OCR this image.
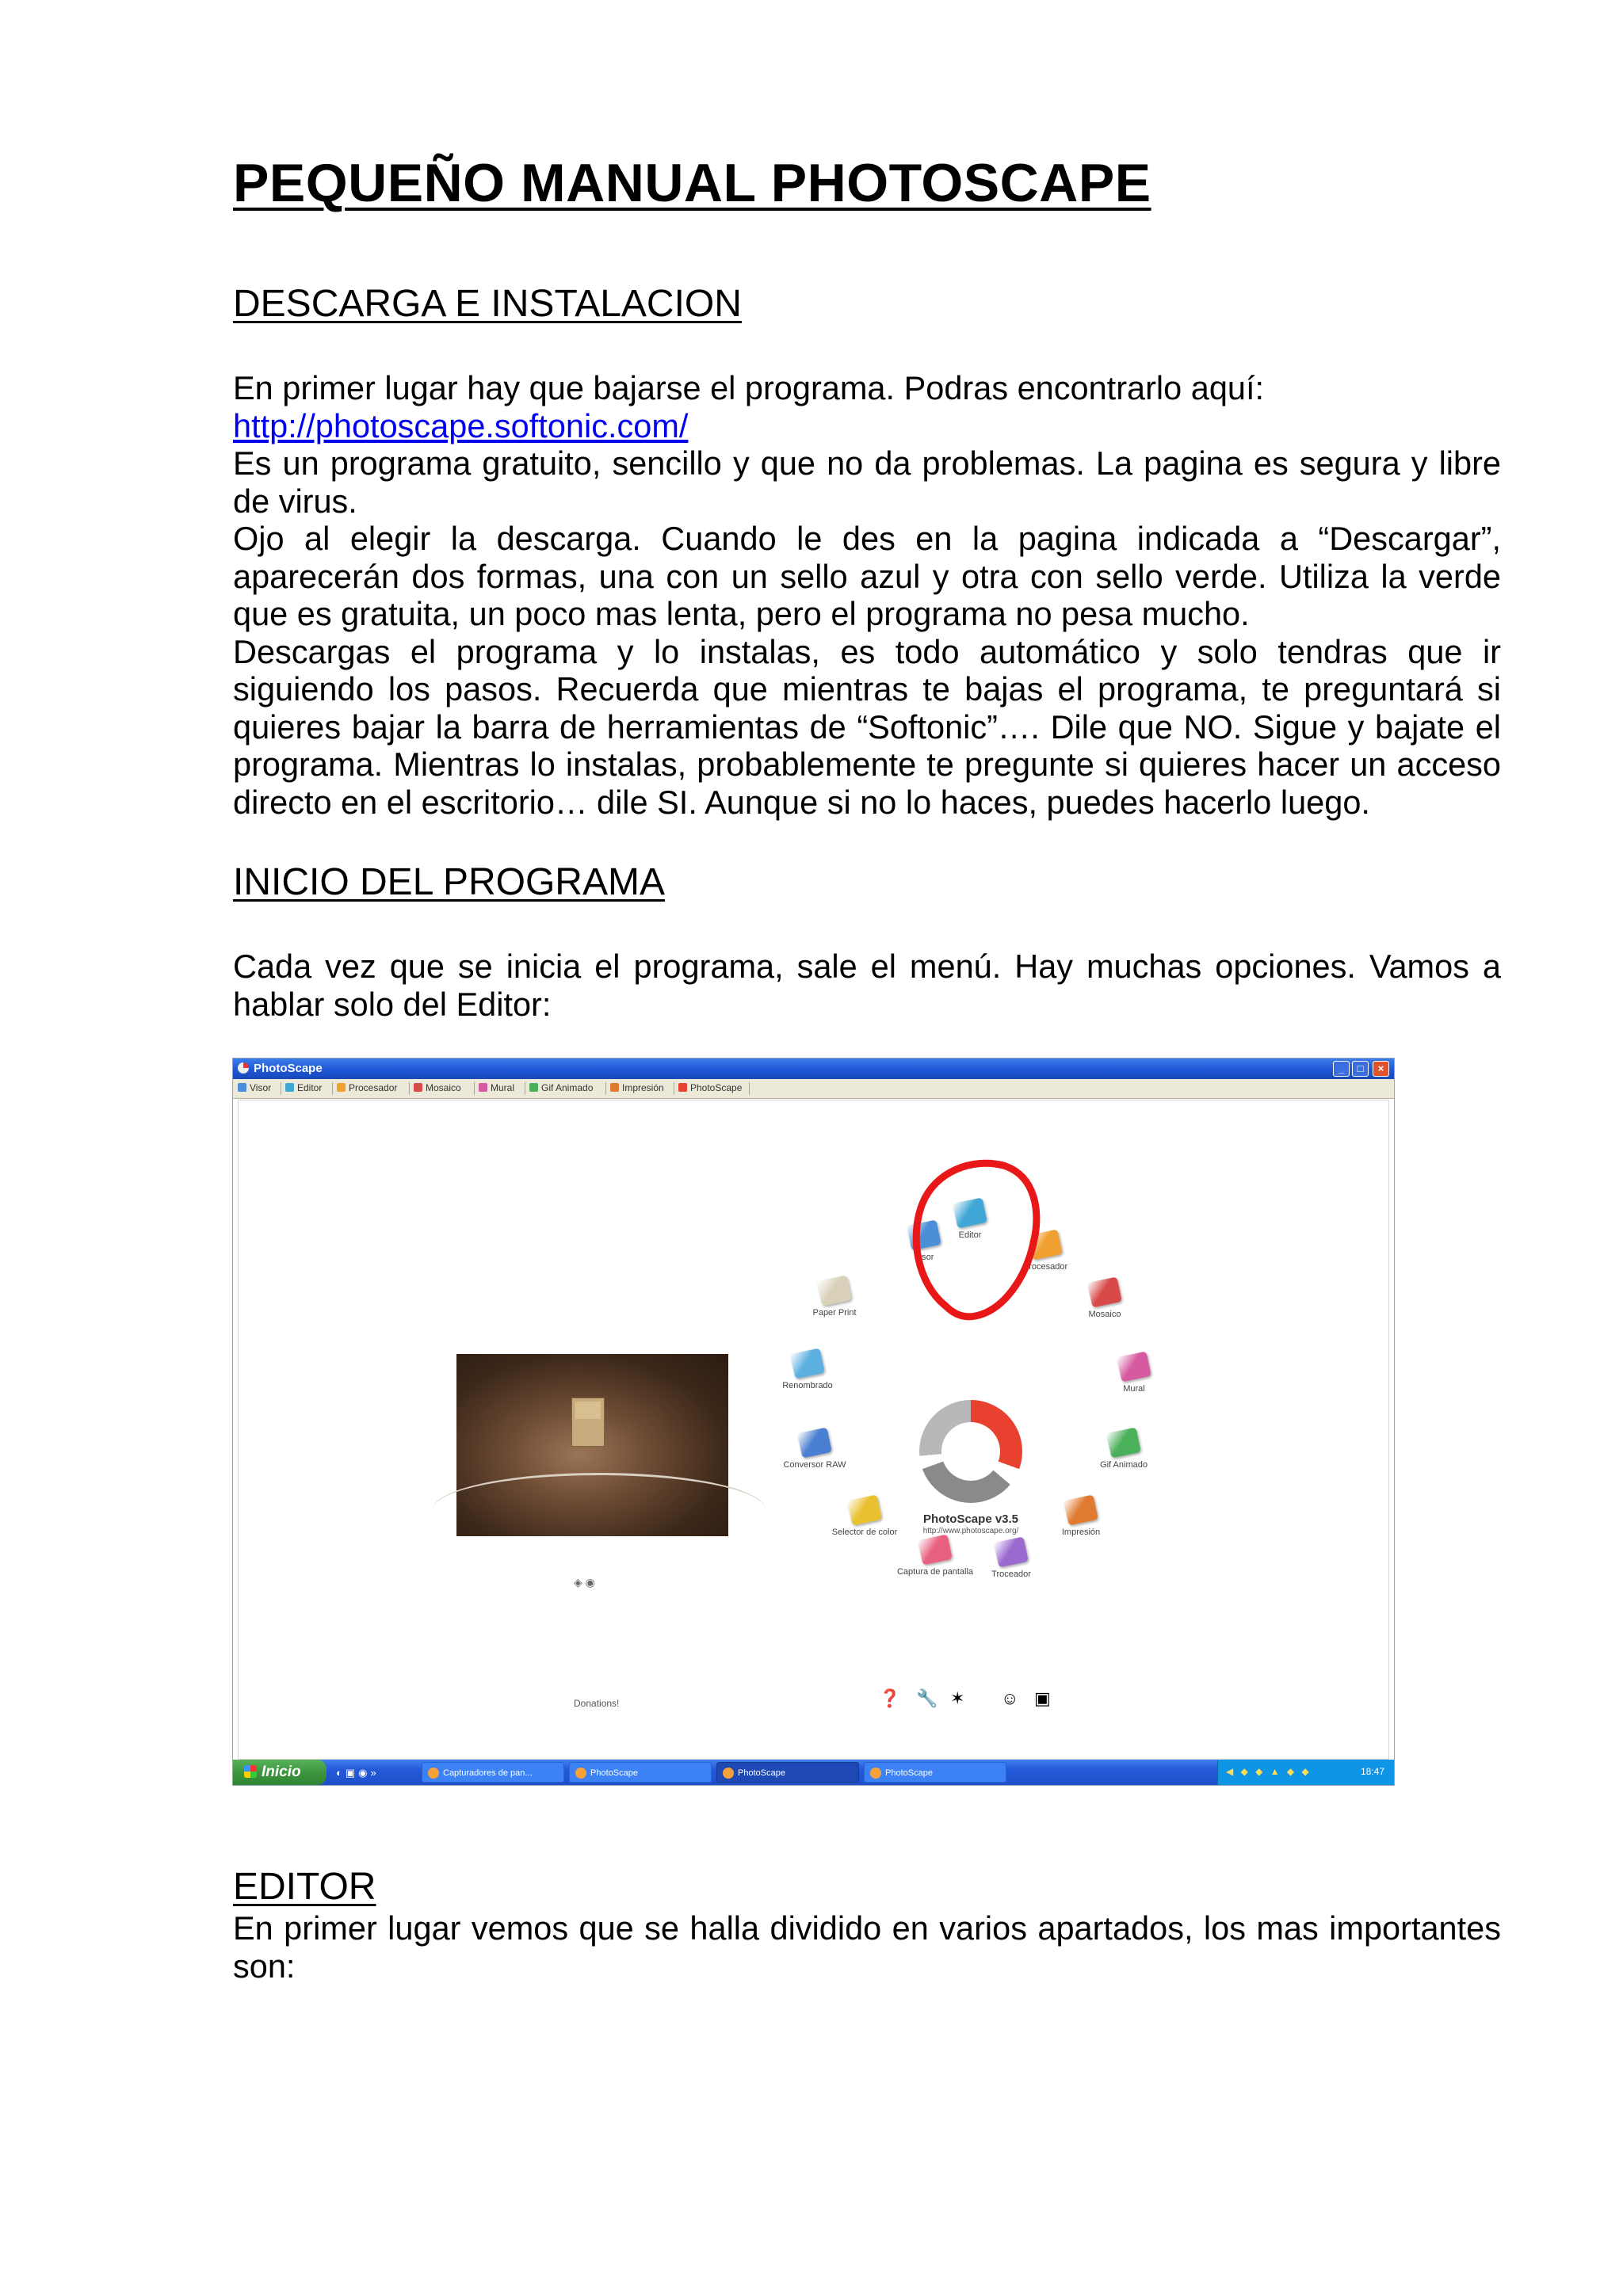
PEQUEÑO MANUAL PHOTOSCAPE
DESCARGA E INSTALACION
En primer lugar hay que bajarse el programa. Podras encontrarlo aquí:
http://photoscape.softonic.com/
Es un programa gratuito, sencillo y que no da problemas. La pagina es segura y libre de virus.
Ojo al elegir la descarga. Cuando le des en la pagina indicada a “Descargar”, aparecerán dos formas, una con un sello azul y otra con sello verde. Utiliza la verde que es gratuita, un poco mas lenta, pero el programa no pesa mucho.
Descargas el programa y lo instalas, es todo automático y solo tendras que ir siguiendo los pasos. Recuerda que mientras te bajas el programa, te preguntará si quieres bajar la barra de herramientas de “Softonic”…. Dile que NO. Sigue y bajate el programa. Mientras lo instalas, probablemente te pregunte si quieres hacer un acceso directo en el escritorio… dile SI. Aunque si no lo haces, puedes hacerlo luego.
INICIO DEL PROGRAMA
Cada vez que se inicia el programa, sale el menú. Hay muchas opciones. Vamos a hablar solo del Editor:
PhotoScape	_	□	×
Visor	Editor	Procesador	Mosaico	Mural	Gif Animado	Impresión	PhotoScape
◈ ◉
Donations!
PhotoScape v3.5
http://www.photoscape.org/
Visor
Editor
Procesador
Paper Print	Mosaico
Renombrado	Mural
Conversor RAW	Gif Animado
Selector de color	Impresión
Captura de pantalla Troceador
❓ 🔧 ✶ ☺ ▣
Inicio	◐▣◉»	Capturadores de pan...	PhotoScape	PhotoScape	PhotoScape	◀ ◆ ◆ ▲ ◆ ◆	18:47
EDITOR
En primer lugar vemos que se halla dividido en varios apartados, los mas importantes son:
